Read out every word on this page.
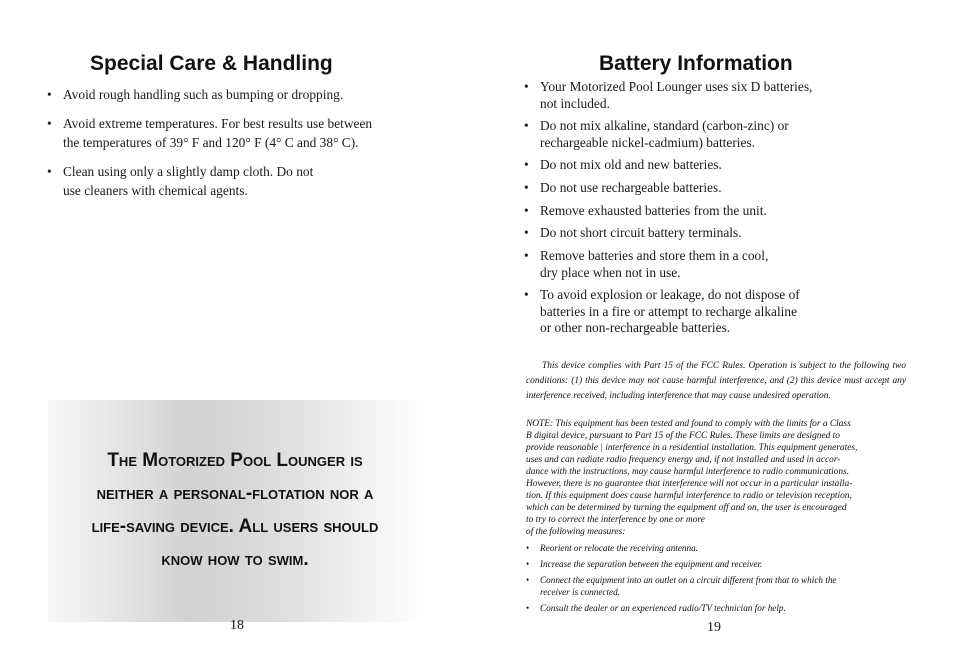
Special Care & Handling
• Avoid rough handling such as bumping or dropping.
• Avoid extreme temperatures. For best results use between
the temperatures of 39° F and 120° F (4° C and 38° C).
• Clean using only a slightly damp cloth. Do not
use cleaners with chemical agents.

The Motorized Pool Lounger is
neither a personal-flotation nor a
life-saving device. All users should
know how to swim.

18
Battery Information
• Your Motorized Pool Lounger uses six D batteries,
not included.
• Do not mix alkaline, standard (carbon-zinc) or
rechargeable nickel-cadmium) batteries.
• Do not mix old and new batteries.
• Do not use rechargeable batteries.
• Remove exhausted batteries from the unit.
• Do not short circuit battery terminals.
• Remove batteries and store them in a cool,
dry place when not in use.
• To avoid explosion or leakage, do not dispose of
batteries in a fire or attempt to recharge alkaline
or other non-rechargeable batteries.

This device complies with Part 15 of the FCC Rules. Operation is subject to the following two conditions: (1) this device may not cause harmful interference, and (2) this device must accept any interference received, including interference that may cause undesired operation.

NOTE: This equipment has been tested and found to comply with the limits for a Class
B digital device, pursuant to Part 15 of the FCC Rules. These limits are designed to
provide reasonable | interference in a residential installation. This equipment generates,
uses and can radiate radio frequency energy and, if not installed and used in accor-
dance with the instructions, may cause harmful interference to radio communications.
However, there is no guarantee that interference will not occur in a particular installa-
tion. If this equipment does cause harmful interference to radio or television reception,
which can be determined by turning the equipment off and on, the user is encouraged
to try to correct the interference by one or more
of the following measures:

• Reorient or relocate the receiving antenna.
• Increase the separation between the equipment and receiver.
• Connect the equipment into an outlet on a circuit different from that to which the
receiver is connected.
• Consult the dealer or an experienced radio/TV technician for help.
19
